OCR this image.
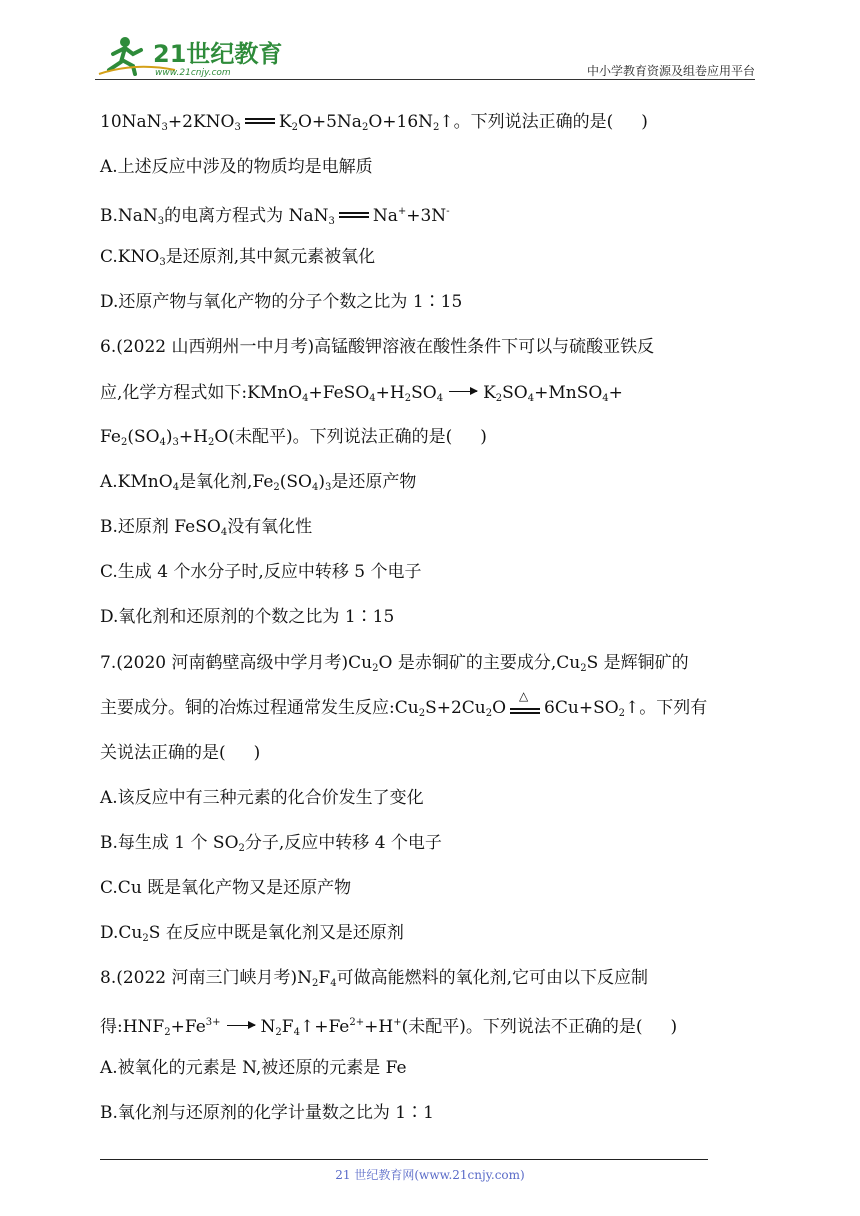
21世纪教育
www.21cnjy.com	中小学教育资源及组卷应用平台
$10NaN_3+2KNO_3$ $K_2O+5Na_2O+16N_2↑$。下列说法正确的是( )
A.上述反应中涉及的物质均是电解质
B.NaN$_3$的电离方程式为 NaN$_3$ Na++3N-
$C.KNO_3$是还原剂,其中氮元素被氧化
D.还原产物与氧化产物的分子个数之比为 1∶15
6.(2022 山西朔州一中月考)高锰酸钾溶液在酸性条件下可以与硫酸亚铁反
应,化学方程式如下$:KMnO_4+FeSO_4+H_2SO_4$ → $K_2SO_4+MnSO_4+$
$Fe_2(SO_4)_3+H_2O$(未配平)。下列说法正确的是( )
A.KMnO$_4$是氧化剂$,Fe_2(SO_4)_3$是还原产物
B.还原剂 FeSO$_4$没有氧化性
C.生成 4 个水分子时,反应中转移 5 个电子
D.氧化剂和还原剂的个数之比为 1∶15
7.(2020 河南鹤壁高级中学月考)$Cu_2O$ 是赤铜矿的主要成分$,Cu_2S$ 是辉铜矿的
主要成分。铜的冶炼过程通常发生反应$:Cu_2S+2Cu_2O$
△
$6Cu+SO_2↑$。下列有
关说法正确的是( )
A.该反应中有三种元素的化合价发生了变化
B.每生成 1 个 $SO_2$分子,反应中转移 4 个电子
C.Cu 既是氧化产物又是还原产物
$D.Cu_2S$ 在反应中既是氧化剂又是还原剂
8.(2022 河南三门峡月考)$N_2F_4$可做高能燃料的氧化剂,它可由以下反应制
得$:HNF_2+Fe^{3+}$ → $N_2F_4↑+Fe^{2+}+H^+$(未配平)。下列说法不正确的是( )
A.被氧化的元素是 N,被还原的元素是 Fe
B.氧化剂与还原剂的化学计量数之比为 1∶1
21 世纪教育网(www.21cnjy.com)
